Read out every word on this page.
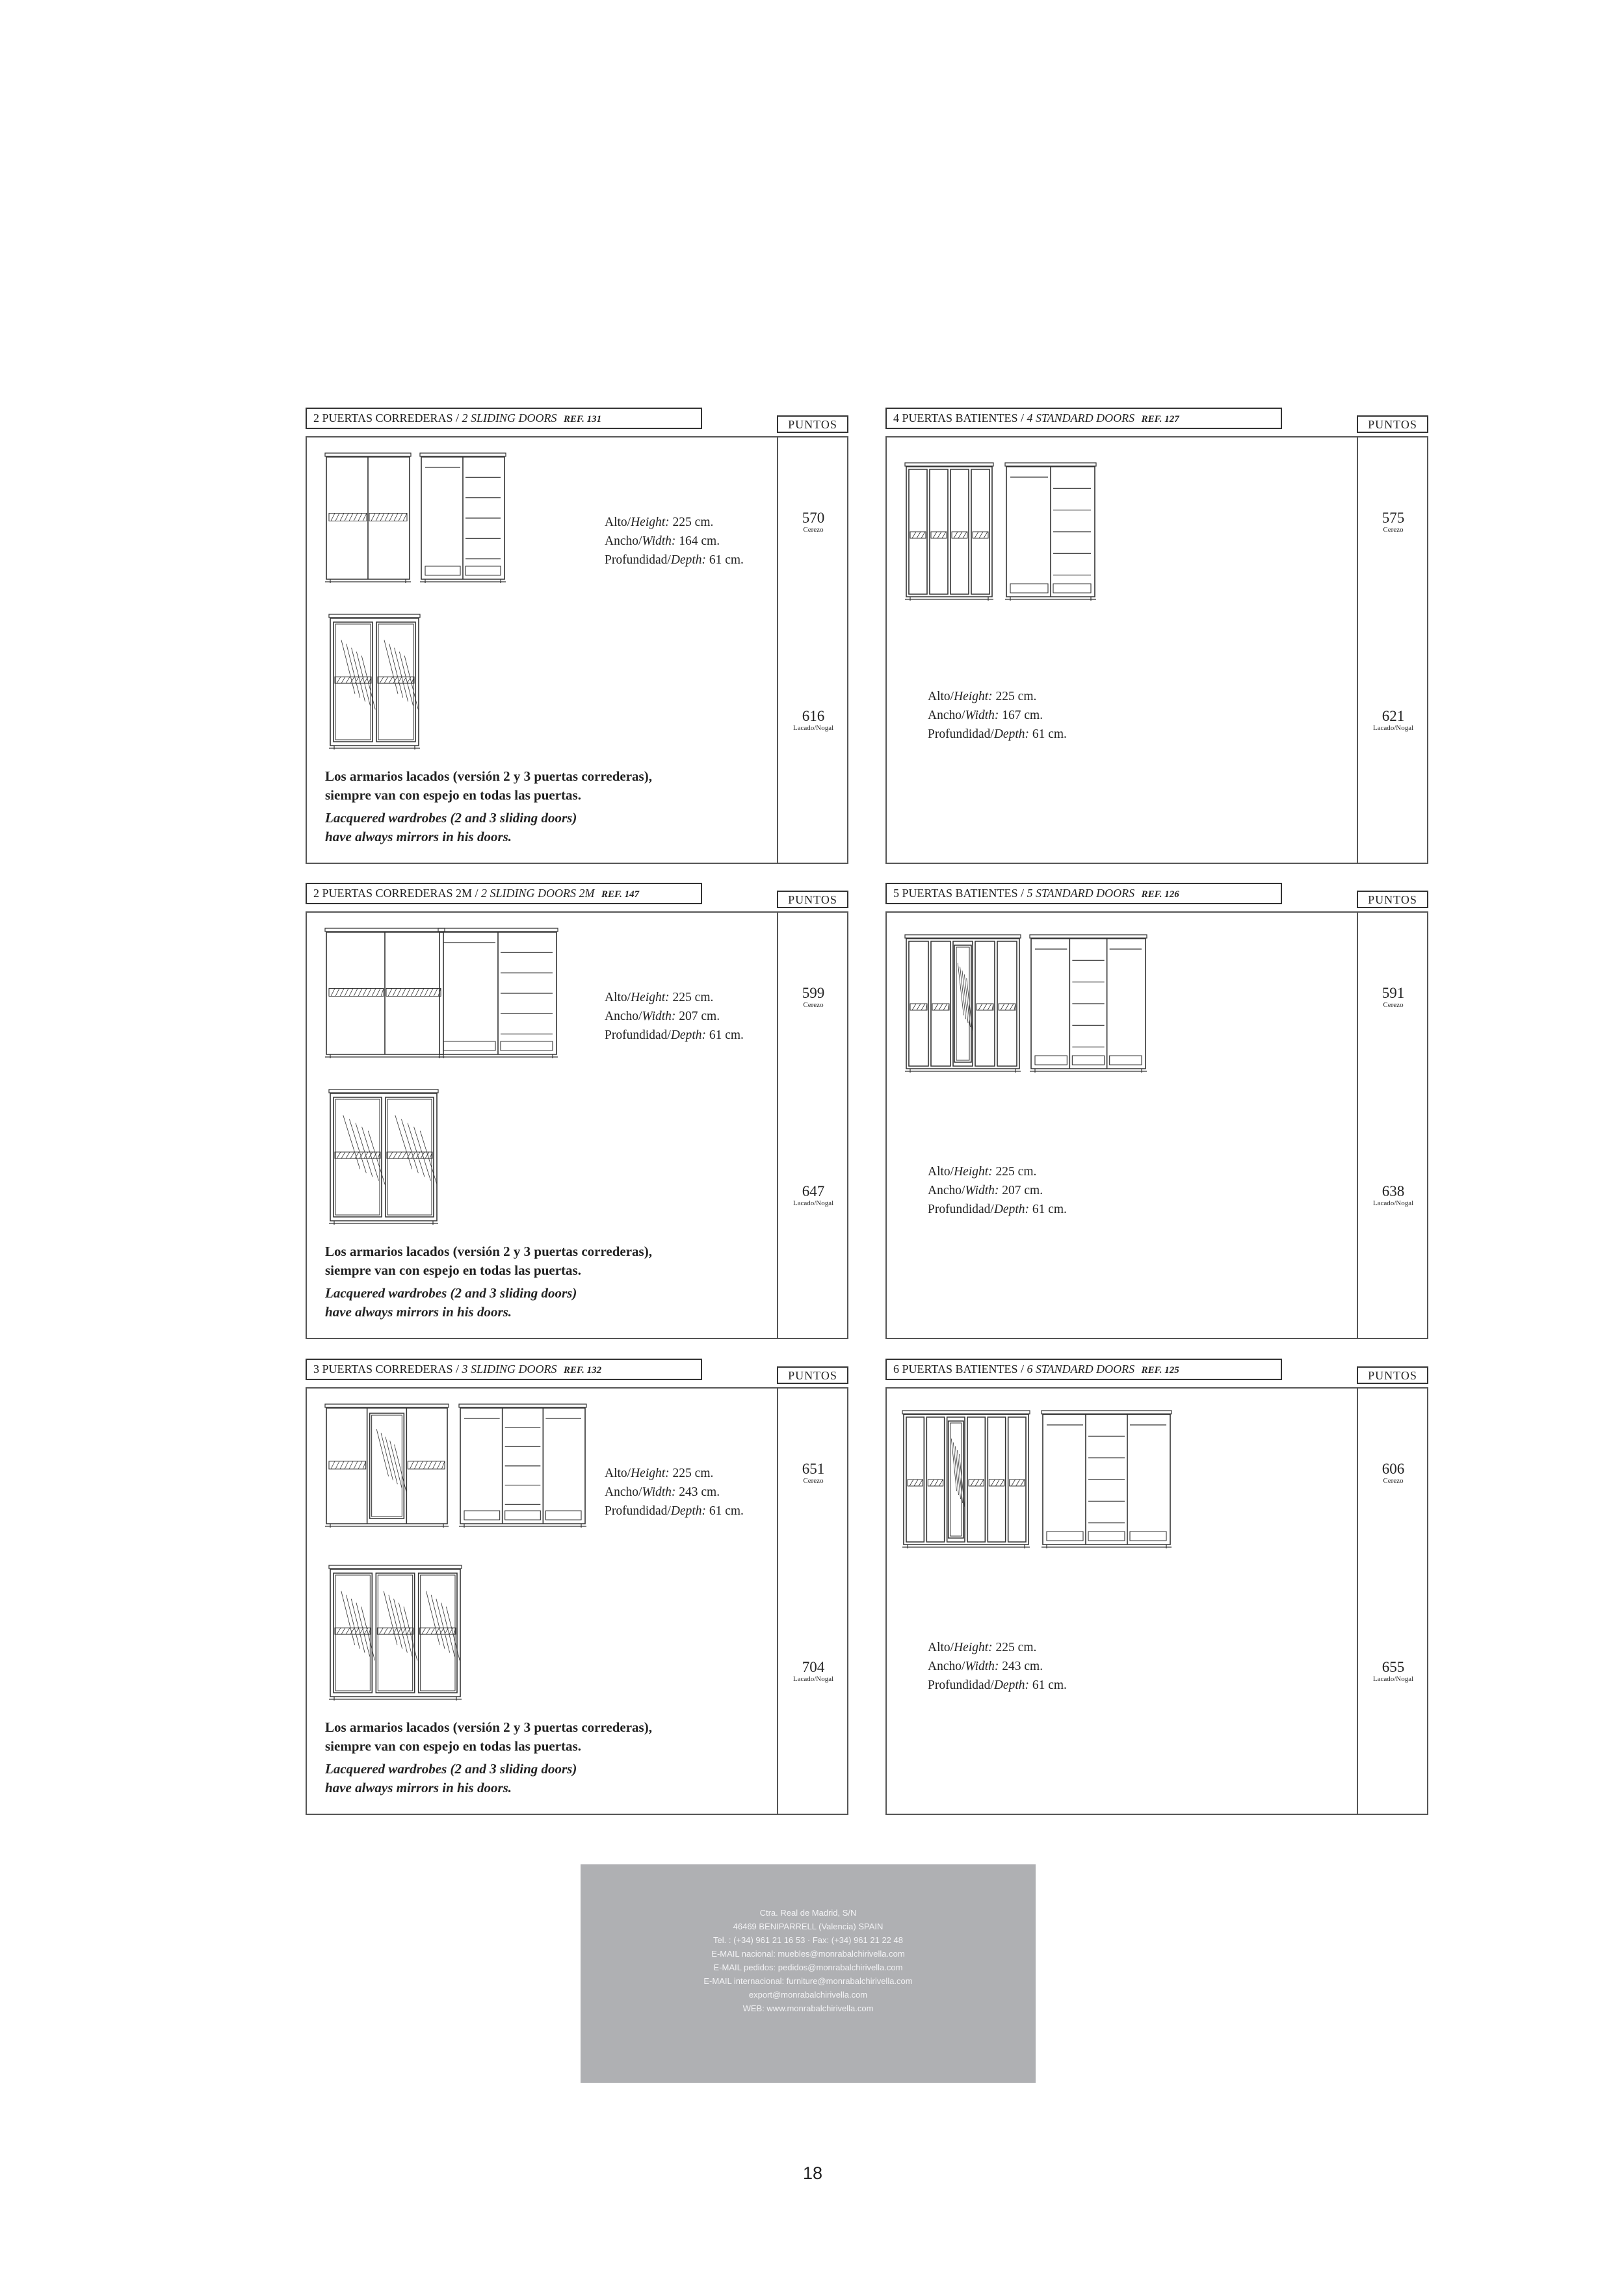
2 PUERTAS CORREDERAS / 2 SLIDING DOORS REF. 131	PUNTOS
Alto/Height: 225 cm.
Ancho/Width: 164 cm.
Profundidad/Depth: 61 cm.
570
Cerezo
616
Lacado/Nogal

Los armarios lacados (versión 2 y 3 puertas correderas),

siempre van con espejo en todas las puertas.

Lacquered wardrobes (2 and 3 sliding doors)

have always mirrors in his doors.

4 PUERTAS BATIENTES / 4 STANDARD DOORS REF. 127	PUNTOS
Alto/Height: 225 cm.
Ancho/Width: 167 cm.
Profundidad/Depth: 61 cm.
575
Cerezo
621
Lacado/Nogal
2 PUERTAS CORREDERAS 2M / 2 SLIDING DOORS 2M REF. 147	PUNTOS
Alto/Height: 225 cm.
Ancho/Width: 207 cm.
Profundidad/Depth: 61 cm.
599
Cerezo
647
Lacado/Nogal

Los armarios lacados (versión 2 y 3 puertas correderas),

siempre van con espejo en todas las puertas.

Lacquered wardrobes (2 and 3 sliding doors)

have always mirrors in his doors.

5 PUERTAS BATIENTES / 5 STANDARD DOORS REF. 126	PUNTOS
Alto/Height: 225 cm.
Ancho/Width: 207 cm.
Profundidad/Depth: 61 cm.
591
Cerezo
638
Lacado/Nogal
3 PUERTAS CORREDERAS / 3 SLIDING DOORS REF. 132	PUNTOS
Alto/Height: 225 cm.
Ancho/Width: 243 cm.
Profundidad/Depth: 61 cm.
651
Cerezo
704
Lacado/Nogal

Los armarios lacados (versión 2 y 3 puertas correderas),

siempre van con espejo en todas las puertas.

Lacquered wardrobes (2 and 3 sliding doors)

have always mirrors in his doors.

6 PUERTAS BATIENTES / 6 STANDARD DOORS REF. 125	PUNTOS
Alto/Height: 225 cm.
Ancho/Width: 243 cm.
Profundidad/Depth: 61 cm.
606
Cerezo
655
Lacado/Nogal
Ctra. Real de Madrid, S/N
46469 BENIPARRELL (Valencia) SPAIN
Tel. : (+34) 961 21 16 53 · Fax: (+34) 961 21 22 48
E-MAIL nacional: muebles@monrabalchirivella.com
E-MAIL pedidos: pedidos@monrabalchirivella.com
E-MAIL internacional: furniture@monrabalchirivella.com
export@monrabalchirivella.com
WEB: www.monrabalchirivella.com
18
